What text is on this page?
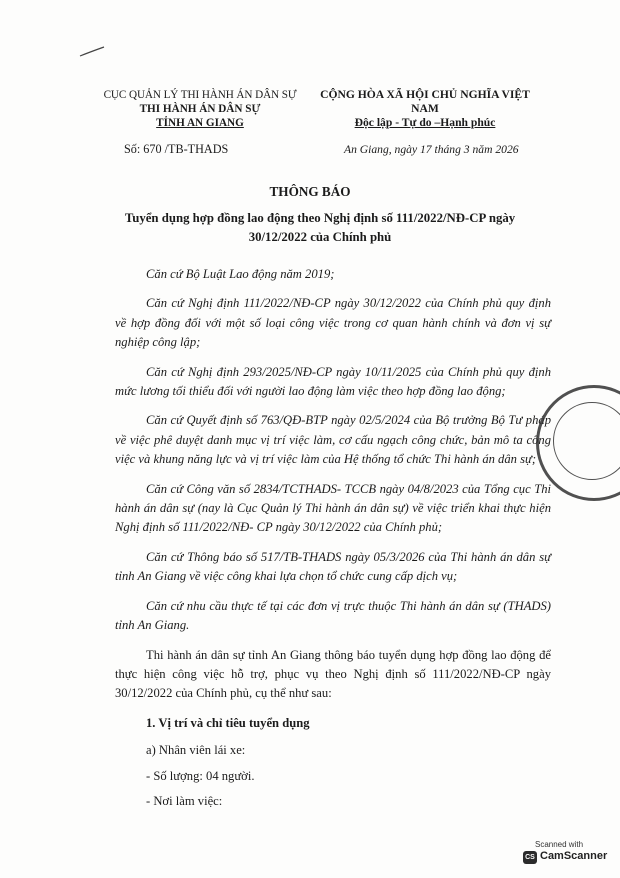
CỤC QUẢN LÝ THI HÀNH ÁN DÂN SỰ
THI HÀNH ÁN DÂN SỰ
TỈNH AN GIANG
CỘNG HÒA XÃ HỘI CHỦ NGHĨA VIỆT NAM
Độc lập - Tự do –Hạnh phúc
Số: 670 /TB-THADS	An Giang, ngày 17 tháng 3 năm 2026
THÔNG BÁO
Tuyển dụng hợp đồng lao động theo Nghị định số 111/2022/NĐ-CP ngày 30/12/2022 của Chính phủ

Căn cứ Bộ Luật Lao động năm 2019;

Căn cứ Nghị định 111/2022/NĐ-CP ngày 30/12/2022 của Chính phủ quy định về hợp đồng đối với một số loại công việc trong cơ quan hành chính và đơn vị sự nghiệp công lập;

Căn cứ Nghị định 293/2025/NĐ-CP ngày 10/11/2025 của Chính phủ quy định mức lương tối thiểu đối với người lao động làm việc theo hợp đồng lao động;

Căn cứ Quyết định số 763/QĐ-BTP ngày 02/5/2024 của Bộ trưởng Bộ Tư pháp về việc phê duyệt danh mục vị trí việc làm, cơ cấu ngạch công chức, bản mô ta công việc và khung năng lực và vị trí việc làm của Hệ thống tổ chức Thi hành án dân sự;

Căn cứ Công văn số 2834/TCTHADS- TCCB ngày 04/8/2023 của Tổng cục Thi hành án dân sự (nay là Cục Quản lý Thi hành án dân sự) về việc triển khai thực hiện Nghị định số 111/2022/NĐ- CP ngày 30/12/2022 của Chính phủ;

Căn cứ Thông báo số 517/TB-THADS ngày 05/3/2026 của Thi hành án dân sự tỉnh An Giang về việc công khai lựa chọn tổ chức cung cấp dịch vụ;

Căn cứ nhu cầu thực tế tại các đơn vị trực thuộc Thi hành án dân sự (THADS) tỉnh An Giang.

Thi hành án dân sự tỉnh An Giang thông báo tuyển dụng hợp đồng lao động để thực hiện công việc hỗ trợ, phục vụ theo Nghị định số 111/2022/NĐ-CP ngày 30/12/2022 của Chính phủ, cụ thể như sau:

1. Vị trí và chỉ tiêu tuyển dụng

a) Nhân viên lái xe:

- Số lượng: 04 người.

- Nơi làm việc:

Scanned with
CS CamScanner
